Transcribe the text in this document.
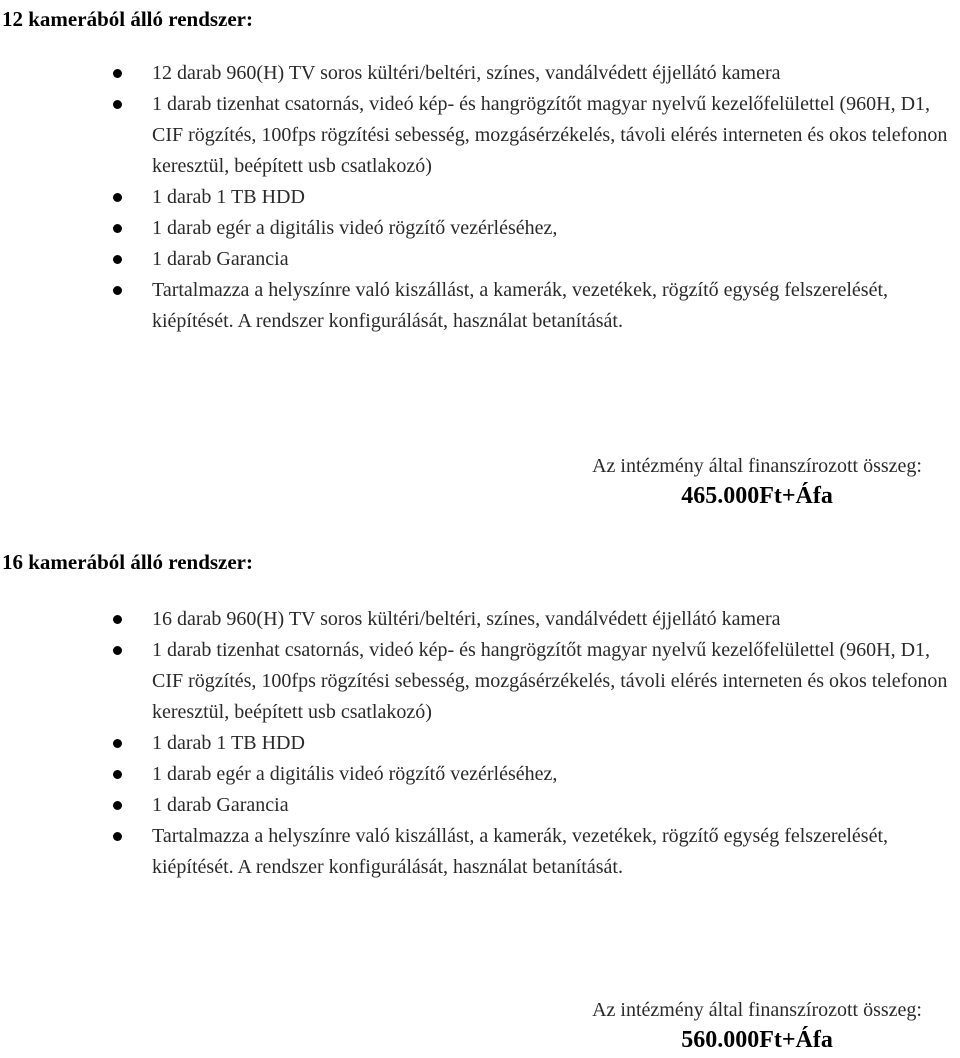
12 kamerából álló rendszer:
12 darab 960(H) TV soros kültéri/beltéri, színes, vandálvédett éjjellátó kamera
1 darab tizenhat csatornás, videó kép- és hangrögzítőt magyar nyelvű kezelőfelülettel (960H, D1, CIF rögzítés, 100fps rögzítési sebesség, mozgásérzékelés, távoli elérés interneten és okos telefonon keresztül, beépített usb csatlakozó)
1 darab 1 TB HDD
1 darab egér a digitális videó rögzítő vezérléséhez,
1 darab Garancia
Tartalmazza a helyszínre való kiszállást, a kamerák, vezetékek, rögzítő egység felszerelését, kiépítését. A rendszer konfigurálását, használat betanítását.
Az intézmény által finanszírozott összeg:
465.000Ft+Áfa
16 kamerából álló rendszer:
16 darab 960(H) TV soros kültéri/beltéri, színes, vandálvédett éjjellátó kamera
1 darab tizenhat csatornás, videó kép- és hangrögzítőt magyar nyelvű kezelőfelülettel (960H, D1, CIF rögzítés, 100fps rögzítési sebesség, mozgásérzékelés, távoli elérés interneten és okos telefonon keresztül, beépített usb csatlakozó)
1 darab 1 TB HDD
1 darab egér a digitális videó rögzítő vezérléséhez,
1 darab Garancia
Tartalmazza a helyszínre való kiszállást, a kamerák, vezetékek, rögzítő egység felszerelését, kiépítését. A rendszer konfigurálását, használat betanítását.
Az intézmény által finanszírozott összeg:
560.000Ft+Áfa
